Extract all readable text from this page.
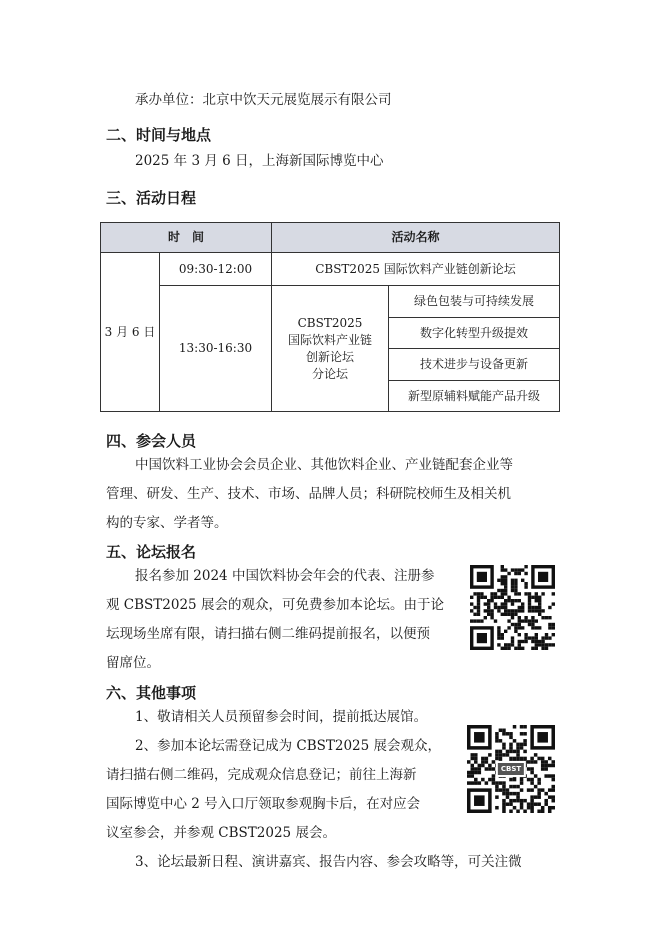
承办单位：北京中饮天元展览展示有限公司
二、时间与地点
2025 年 3 月 6 日，上海新国际博览中心
三、活动日程
时　间	活动名称
3 月 6 日
09:30-12:00	CBST2025 国际饮料产业链创新论坛
13:30-16:30
CBST2025
国际饮料产业链
创新论坛
分论坛
绿色包装与可持续发展
数字化转型升级提效
技术进步与设备更新
新型原辅料赋能产品升级
四、参会人员
中国饮料工业协会会员企业、其他饮料企业、产业链配套企业等
管理、研发、生产、技术、市场、品牌人员；科研院校师生及相关机
构的专家、学者等。
五、论坛报名
报名参加 2024 中国饮料协会年会的代表、注册参
观 CBST2025 展会的观众，可免费参加本论坛。由于论
坛现场坐席有限，请扫描右侧二维码提前报名，以便预
留席位。
六、其他事项
1、敬请相关人员预留参会时间，提前抵达展馆。
2、参加本论坛需登记成为 CBST2025 展会观众，
请扫描右侧二维码，完成观众信息登记；前往上海新
国际博览中心 2 号入口厅领取参观胸卡后，在对应会
议室参会，并参观 CBST2025 展会。
3、论坛最新日程、演讲嘉宾、报告内容、参会攻略等，可关注微
CBST
